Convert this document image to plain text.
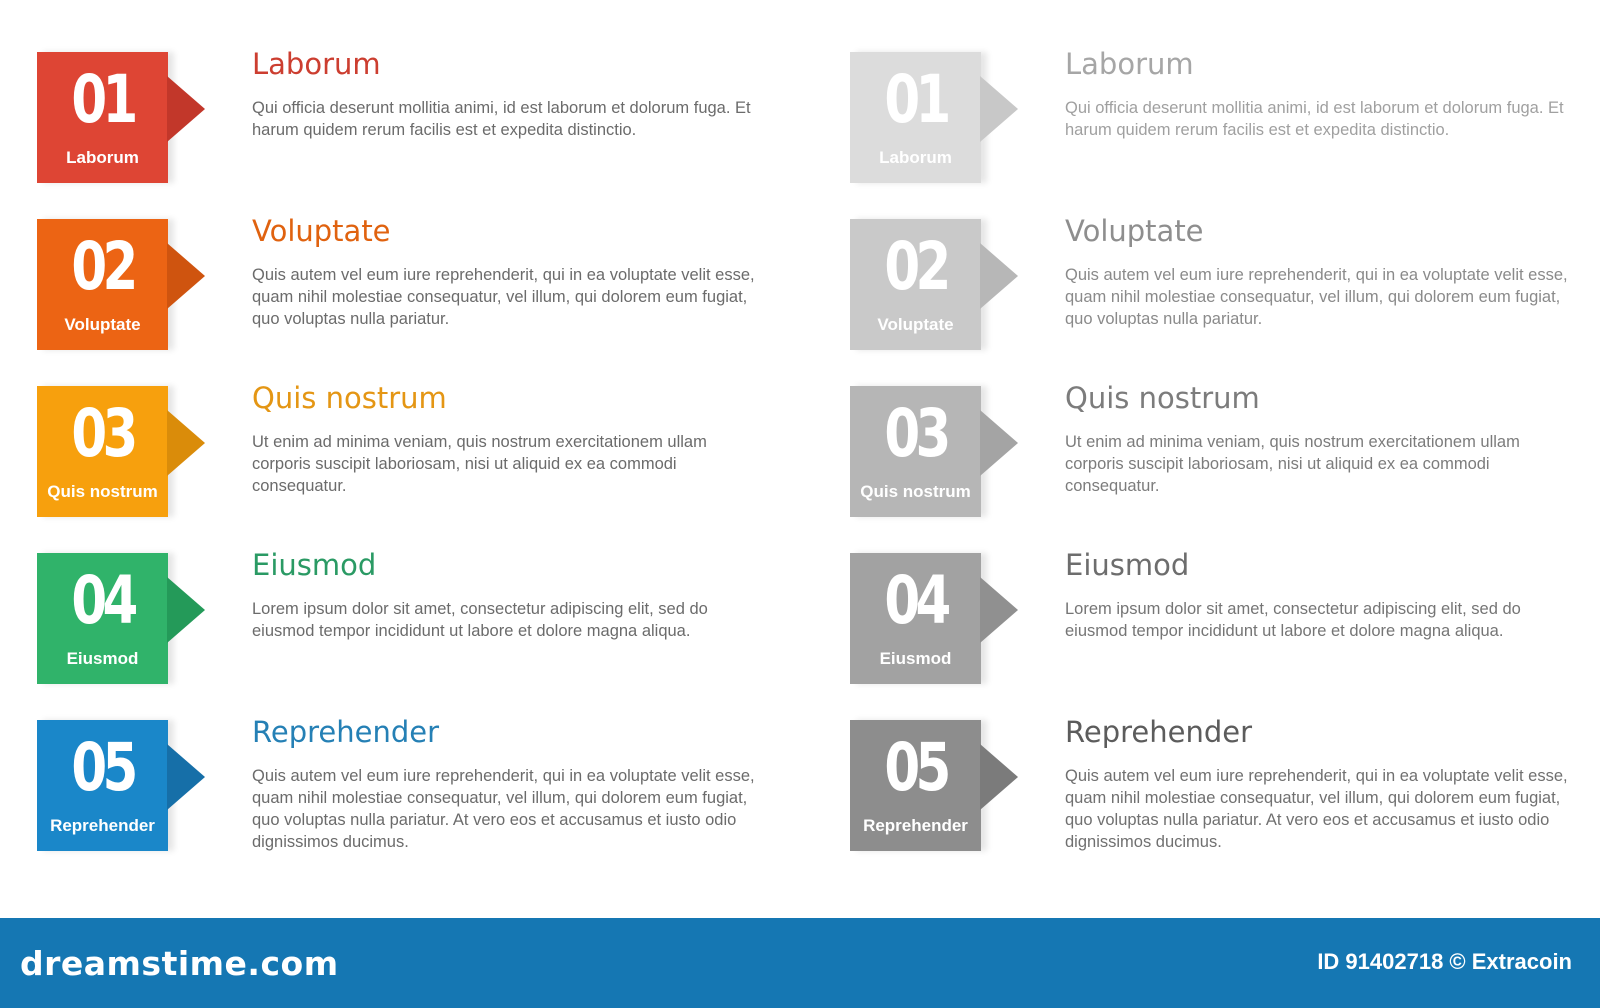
01
Laborum
Laborum

Qui officia deserunt mollitia animi, id est laborum et dolorum fuga. Et harum quidem rerum facilis est et expedita distinctio.

02
Voluptate
Voluptate

Quis autem vel eum iure reprehenderit, qui in ea voluptate velit esse, quam nihil molestiae consequatur, vel illum, qui dolorem eum fugiat, quo voluptas nulla pariatur.

03
Quis nostrum
Quis nostrum

Ut enim ad minima veniam, quis nostrum exercitationem ullam corporis suscipit laboriosam, nisi ut aliquid ex ea commodi consequatur.

04
Eiusmod
Eiusmod

Lorem ipsum dolor sit amet, consectetur adipiscing elit, sed do eiusmod tempor incididunt ut labore et dolore magna aliqua.

05
Reprehender
Reprehender

Quis autem vel eum iure reprehenderit, qui in ea voluptate velit esse, quam nihil molestiae consequatur, vel illum, qui dolorem eum fugiat, quo voluptas nulla pariatur. At vero eos et accusamus et iusto odio dignissimos ducimus.

01
Laborum
Laborum

Qui officia deserunt mollitia animi, id est laborum et dolorum fuga. Et harum quidem rerum facilis est et expedita distinctio.

02
Voluptate
Voluptate

Quis autem vel eum iure reprehenderit, qui in ea voluptate velit esse, quam nihil molestiae consequatur, vel illum, qui dolorem eum fugiat, quo voluptas nulla pariatur.

03
Quis nostrum
Quis nostrum

Ut enim ad minima veniam, quis nostrum exercitationem ullam corporis suscipit laboriosam, nisi ut aliquid ex ea commodi consequatur.

04
Eiusmod
Eiusmod

Lorem ipsum dolor sit amet, consectetur adipiscing elit, sed do eiusmod tempor incididunt ut labore et dolore magna aliqua.

05
Reprehender
Reprehender

Quis autem vel eum iure reprehenderit, qui in ea voluptate velit esse, quam nihil molestiae consequatur, vel illum, qui dolorem eum fugiat, quo voluptas nulla pariatur. At vero eos et accusamus et iusto odio dignissimos ducimus.

dreamstime.com	ID 91402718 © Extracoin
